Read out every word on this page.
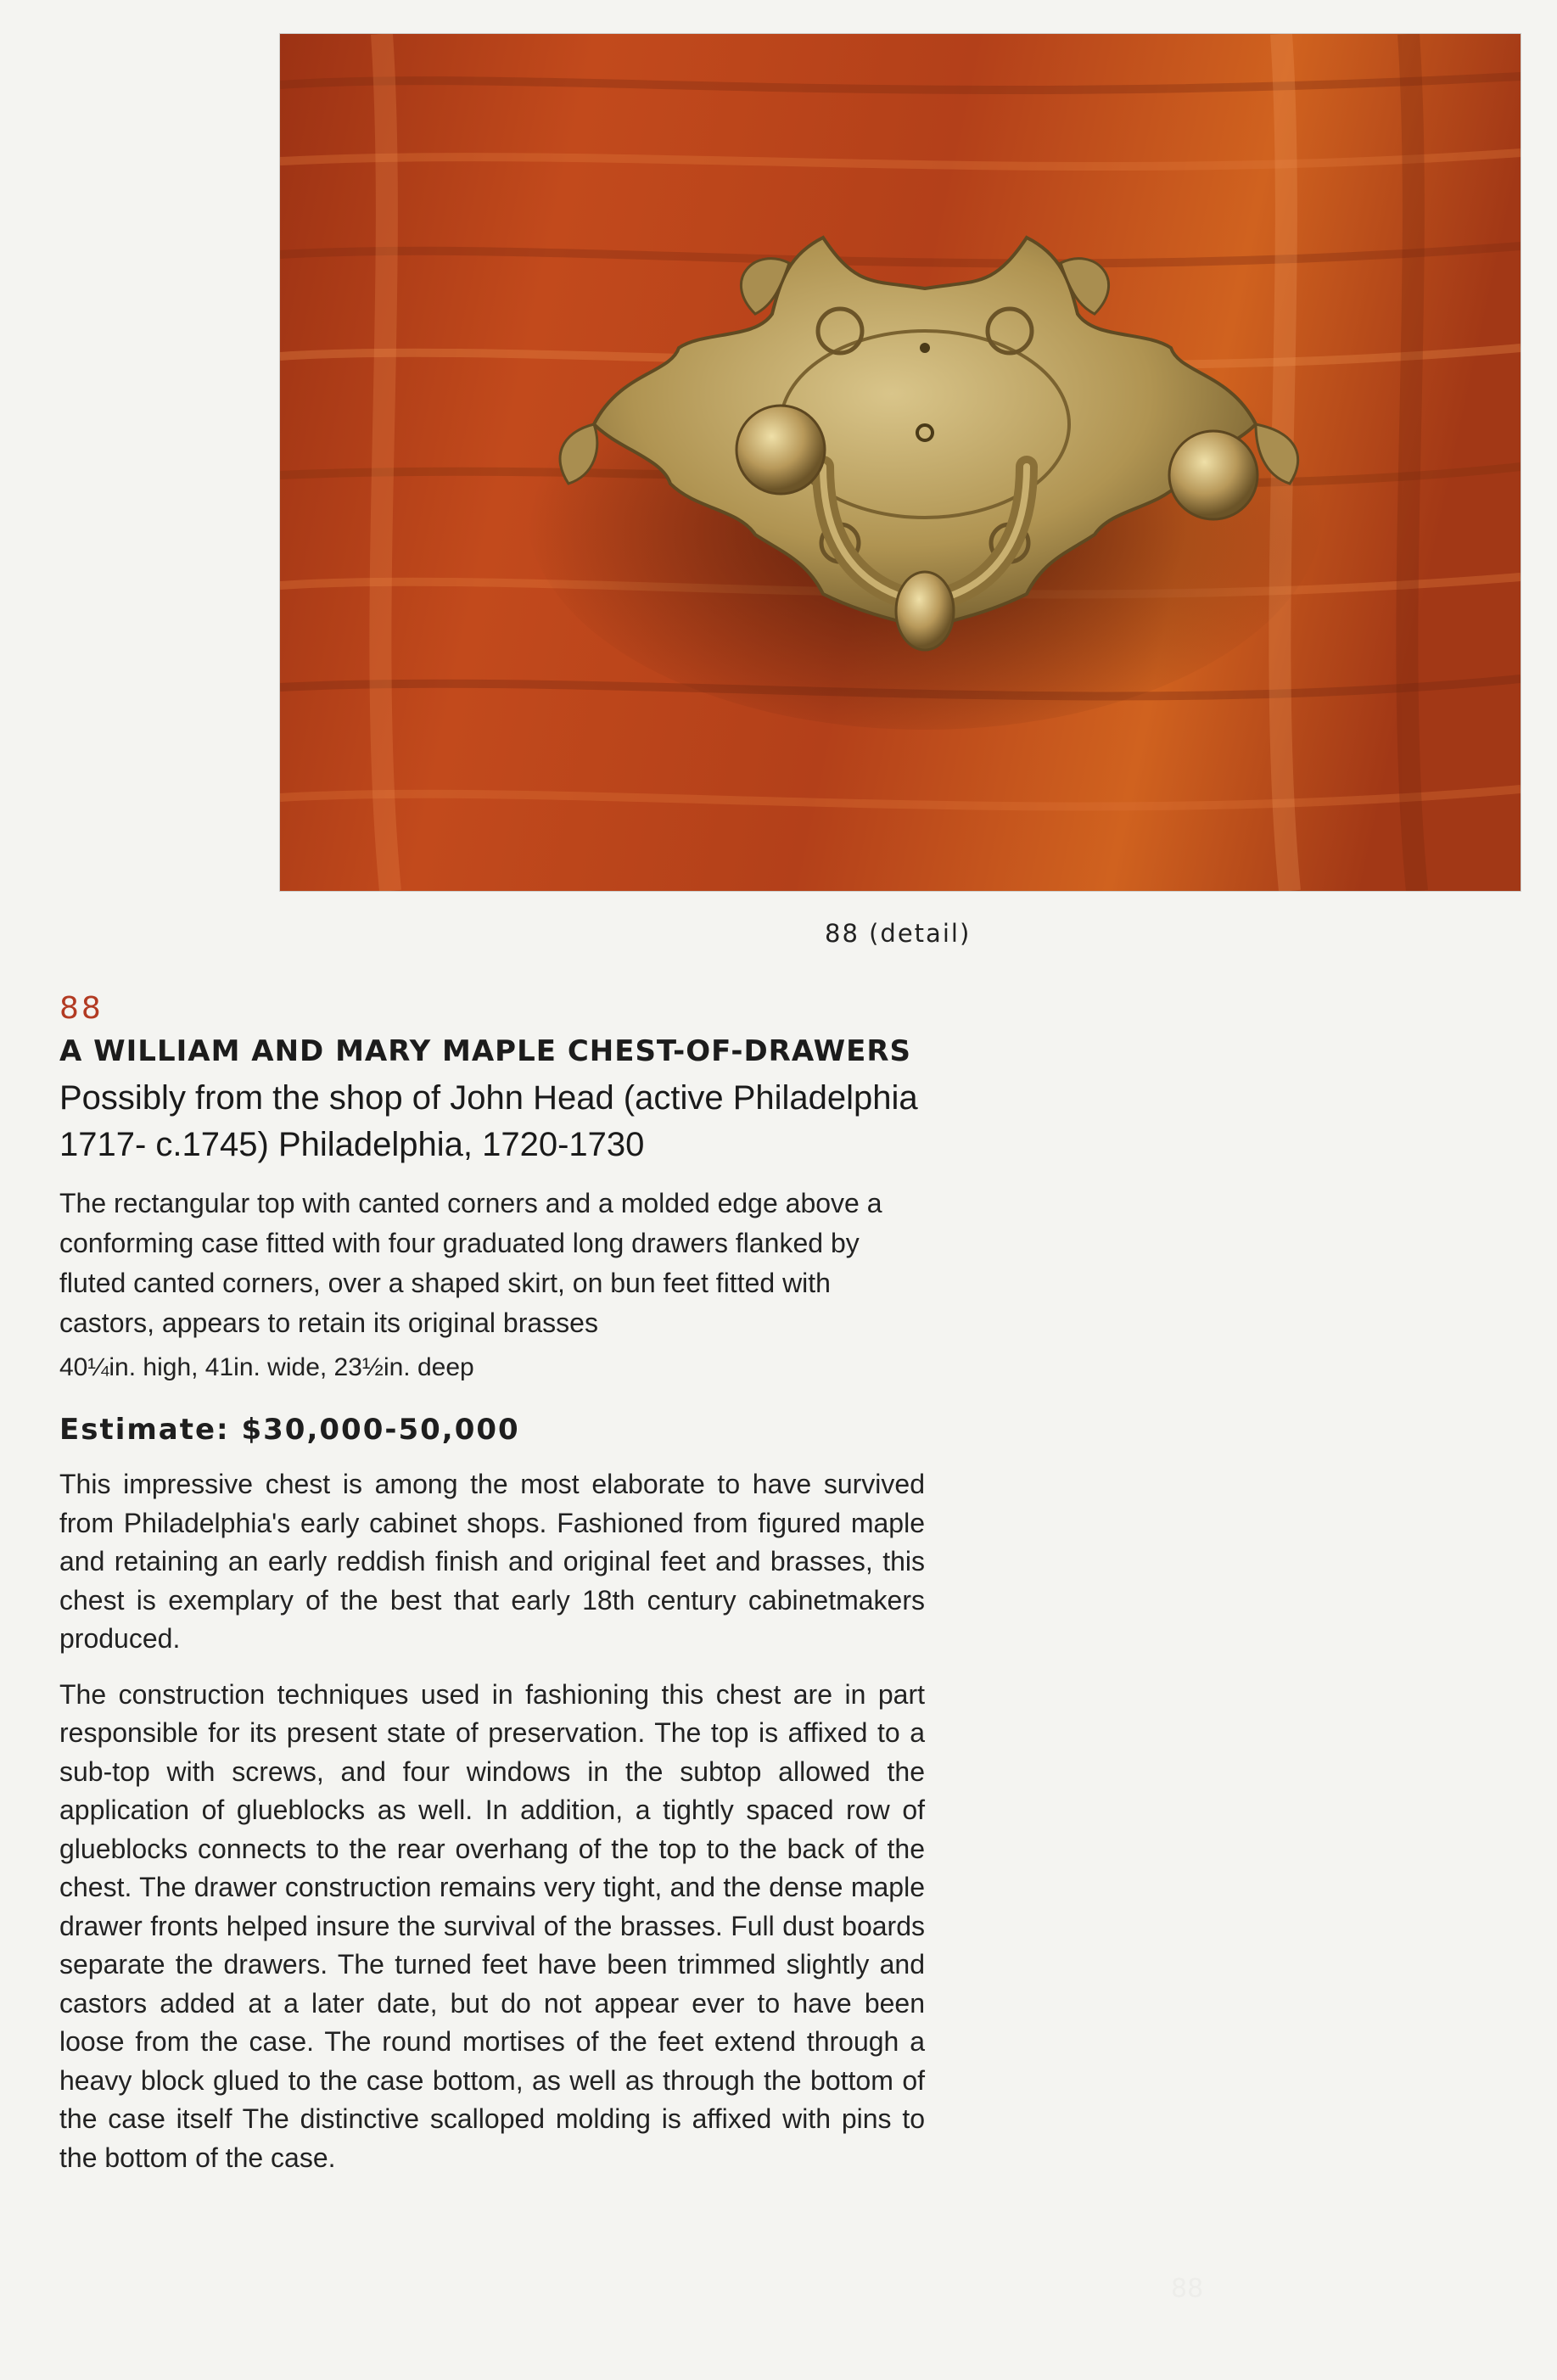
88 (detail)
88
A WILLIAM AND MARY MAPLE CHEST-OF-DRAWERS
Possibly from the shop of John Head (active Philadelphia 1717- c.1745) Philadelphia, 1720-1730

The rectangular top with canted corners and a molded edge above a conforming case fitted with four graduated long drawers flanked by fluted canted corners, over a shaped skirt, on bun feet fitted with castors, appears to retain its original brasses

40¼in. high, 41in. wide, 23½in. deep

Estimate: $30,000-50,000

This impressive chest is among the most elaborate to have survived from Philadelphia's early cabinet shops. Fashioned from figured maple and retaining an early reddish finish and original feet and brasses, this chest is exemplary of the best that early 18th century cabinetmakers produced.

The construction techniques used in fashioning this chest are in part responsible for its present state of preservation. The top is affixed to a sub-top with screws, and four windows in the subtop allowed the application of glueblocks as well. In addition, a tightly spaced row of glueblocks connects to the rear overhang of the top to the back of the chest. The drawer construction remains very tight, and the dense maple drawer fronts helped insure the survival of the brasses. Full dust boards separate the drawers. The turned feet have been trimmed slightly and castors added at a later date, but do not appear ever to have been loose from the case. The round mortises of the feet extend through a heavy block glued to the case bottom, as well as through the bottom of the case itself The distinctive scalloped molding is affixed with pins to the bottom of the case.

88
